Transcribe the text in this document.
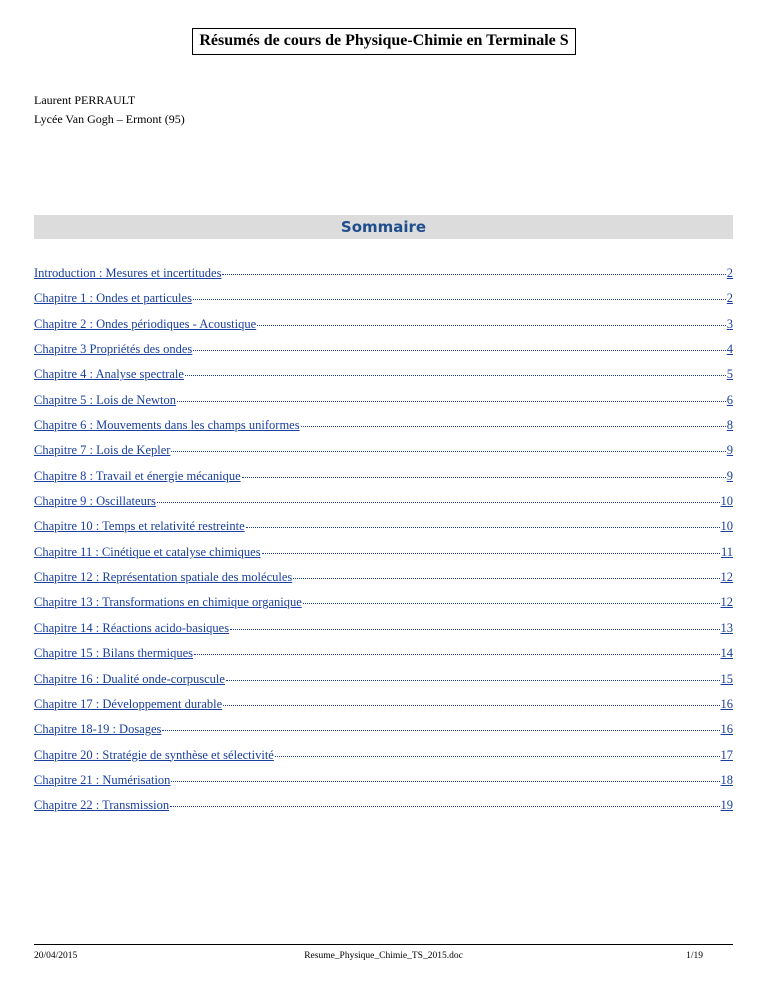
Résumés de cours de Physique-Chimie en Terminale S
Laurent PERRAULT
Lycée Van Gogh – Ermont (95)
Sommaire
Introduction : Mesures et incertitudes	2
Chapitre 1 : Ondes et particules	2
Chapitre 2 : Ondes périodiques - Acoustique	3
Chapitre 3 Propriétés des ondes	4
Chapitre 4 : Analyse spectrale	5
Chapitre 5 : Lois de Newton	6
Chapitre 6 : Mouvements dans les champs uniformes	8
Chapitre 7 : Lois de Kepler	9
Chapitre 8 : Travail et énergie mécanique	9
Chapitre 9 : Oscillateurs	10
Chapitre 10 : Temps et relativité restreinte	10
Chapitre 11 : Cinétique et catalyse chimiques	11
Chapitre 12 : Représentation spatiale des molécules	12
Chapitre 13 : Transformations en chimique organique	12
Chapitre 14 : Réactions acido-basiques	13
Chapitre 15 : Bilans thermiques	14
Chapitre 16 : Dualité onde-corpuscule	15
Chapitre 17 : Développement durable	16
Chapitre 18-19 : Dosages	16
Chapitre 20 : Stratégie de synthèse et sélectivité	17
Chapitre 21 : Numérisation	18
Chapitre 22 : Transmission	19
20/04/2015	Resume_Physique_Chimie_TS_2015.doc	1/19
